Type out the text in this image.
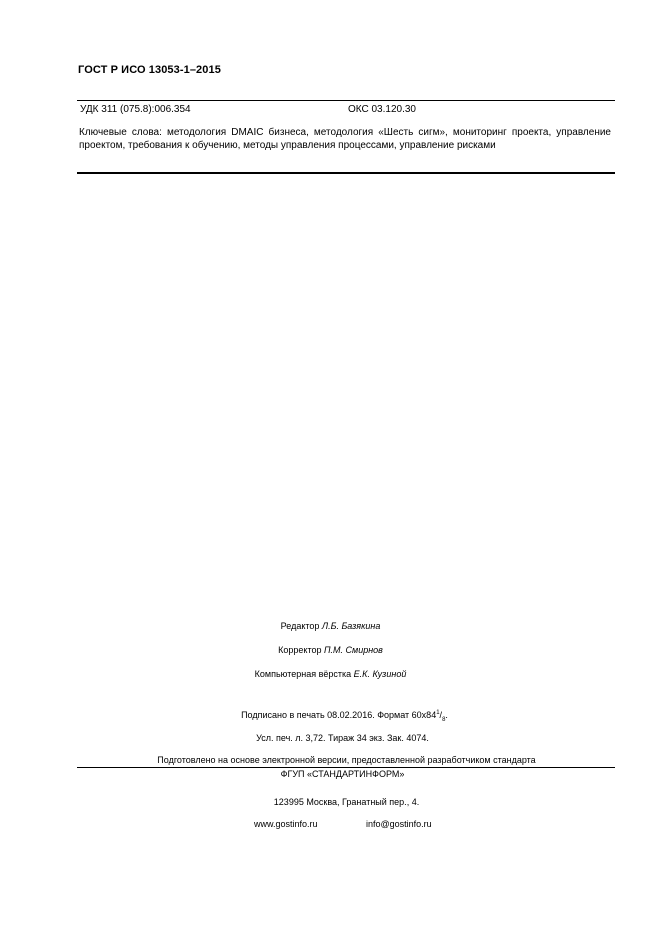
ГОСТ Р ИСО 13053-1–2015
УДК 311 (075.8):006.354	ОКС 03.120.30
Ключевые слова: методология DMAIC бизнеса, методология «Шесть сигм», мониторинг проекта, управление проектом, требования к обучению, методы управления процессами, управление рисками
Редактор Л.Б. Базякина
Корректор П.М. Смирнов
Компьютерная вёрстка Е.К. Кузиной
Подписано в печать 08.02.2016. Формат $60x84^1/_8$.
Усл. печ. л. 3,72. Тираж 34 экз. Зак. 4074.
Подготовлено на основе электронной версии, предоставленной разработчиком стандарта
ФГУП «СТАНДАРТИНФОРМ»
123995 Москва, Гранатный пер., 4.
www.gostinfo.ru	info@gostinfo.ru
